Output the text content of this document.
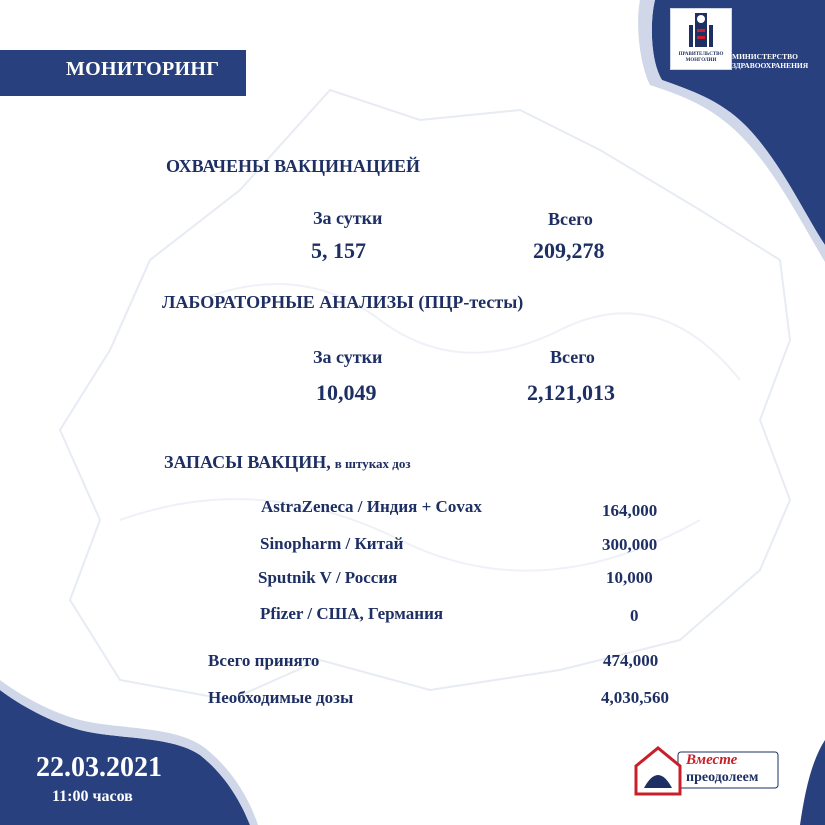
МОНИТОРИНГ
ПРАВИТЕЛЬСТВО МОНГОЛИИ	МИНИСТЕРСТВО ЗДРАВООХРАНЕНИЯ
ОХВАЧЕНЫ ВАКЦИНАЦИЕЙ
За сутки	Всего
5, 157	209,278
ЛАБОРАТОРНЫЕ АНАЛИЗЫ (ПЦР-тесты)
За сутки	Всего
10,049	2,121,013
ЗАПАСЫ ВАКЦИН, в штуках доз
AstraZeneca / Индия + Covax	164,000
Sinopharm / Китай	300,000
Sputnik V / Россия	10,000
Pfizer / США, Германия	0
Всего принято	474,000
Необходимые дозы	4,030,560
22.03.2021
11:00 часов
Вместе
преодолеем
